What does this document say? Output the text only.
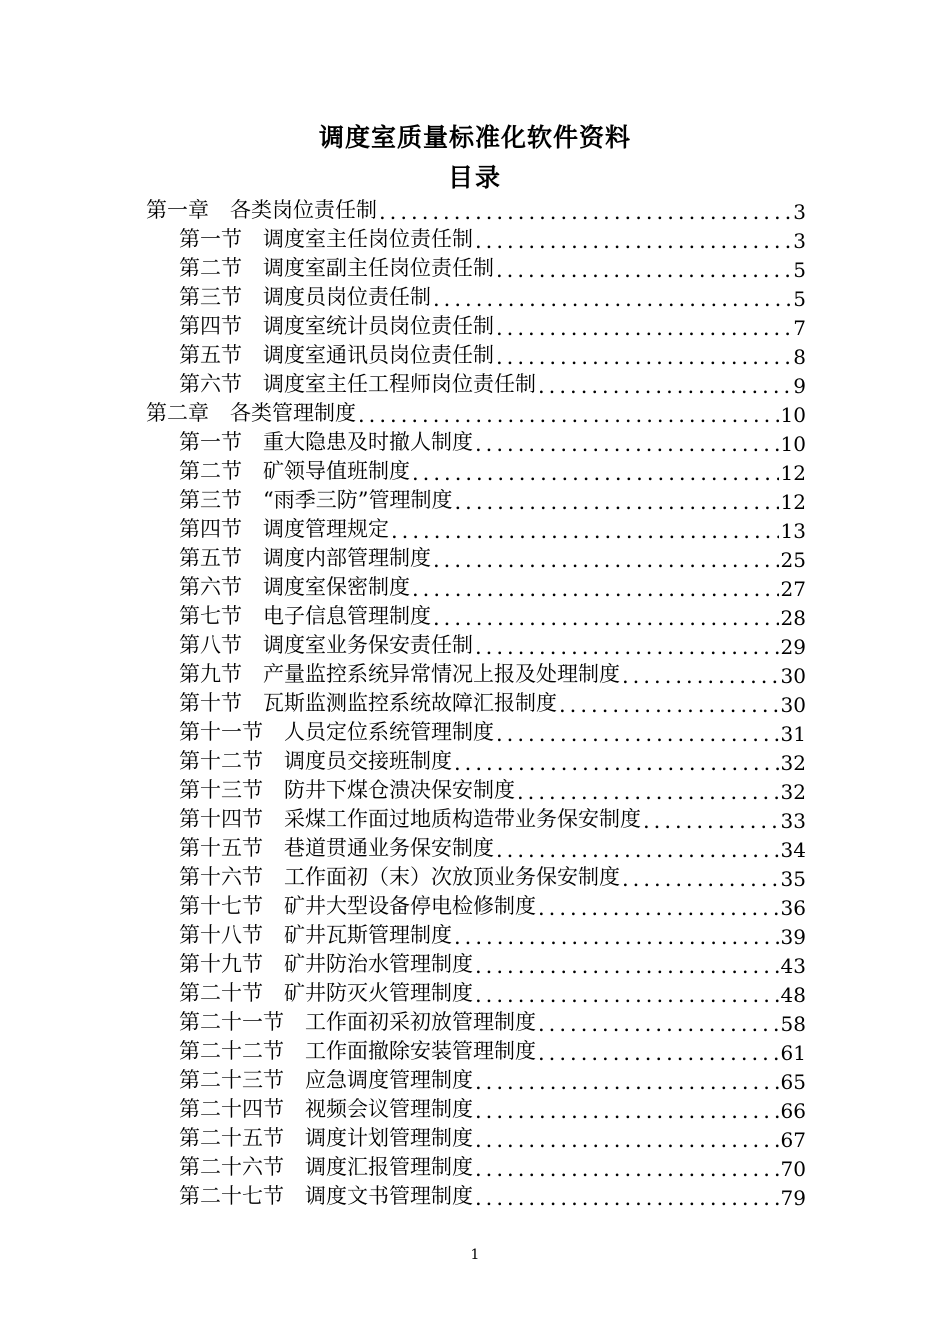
调度室质量标准化软件资料
目录
第一章　各类岗位责任制 .....	3
第一节　调度室主任岗位责任制 .....	3
第二节　调度室副主任岗位责任制 .....	5
第三节　调度员岗位责任制 .....	5
第四节　调度室统计员岗位责任制 .....	7
第五节　调度室通讯员岗位责任制 .....	8
第六节　调度室主任工程师岗位责任制 .....	9
第二章　各类管理制度 .....	10
第一节　重大隐患及时撤人制度 .....	10
第二节　矿领导值班制度 .....	12
第三节　“雨季三防”管理制度 .....	12
第四节　调度管理规定 .....	13
第五节　调度内部管理制度 .....	25
第六节　调度室保密制度 .....	27
第七节　电子信息管理制度 .....	28
第八节　调度室业务保安责任制 .....	29
第九节　产量监控系统异常情况上报及处理制度 .....	30
第十节　瓦斯监测监控系统故障汇报制度 .....	30
第十一节　人员定位系统管理制度 .....	31
第十二节　调度员交接班制度 .....	32
第十三节　防井下煤仓溃决保安制度 .....	32
第十四节　采煤工作面过地质构造带业务保安制度 .....	33
第十五节　巷道贯通业务保安制度 .....	34
第十六节　工作面初（末）次放顶业务保安制度 .....	35
第十七节　矿井大型设备停电检修制度 .....	36
第十八节　矿井瓦斯管理制度 .....	39
第十九节　矿井防治水管理制度 .....	43
第二十节　矿井防灭火管理制度 .....	48
第二十一节　工作面初采初放管理制度 .....	58
第二十二节　工作面撤除安装管理制度 .....	61
第二十三节　应急调度管理制度 .....	65
第二十四节　视频会议管理制度 .....	66
第二十五节　调度计划管理制度 .....	67
第二十六节　调度汇报管理制度 .....	70
第二十七节　调度文书管理制度 .....	79
1
